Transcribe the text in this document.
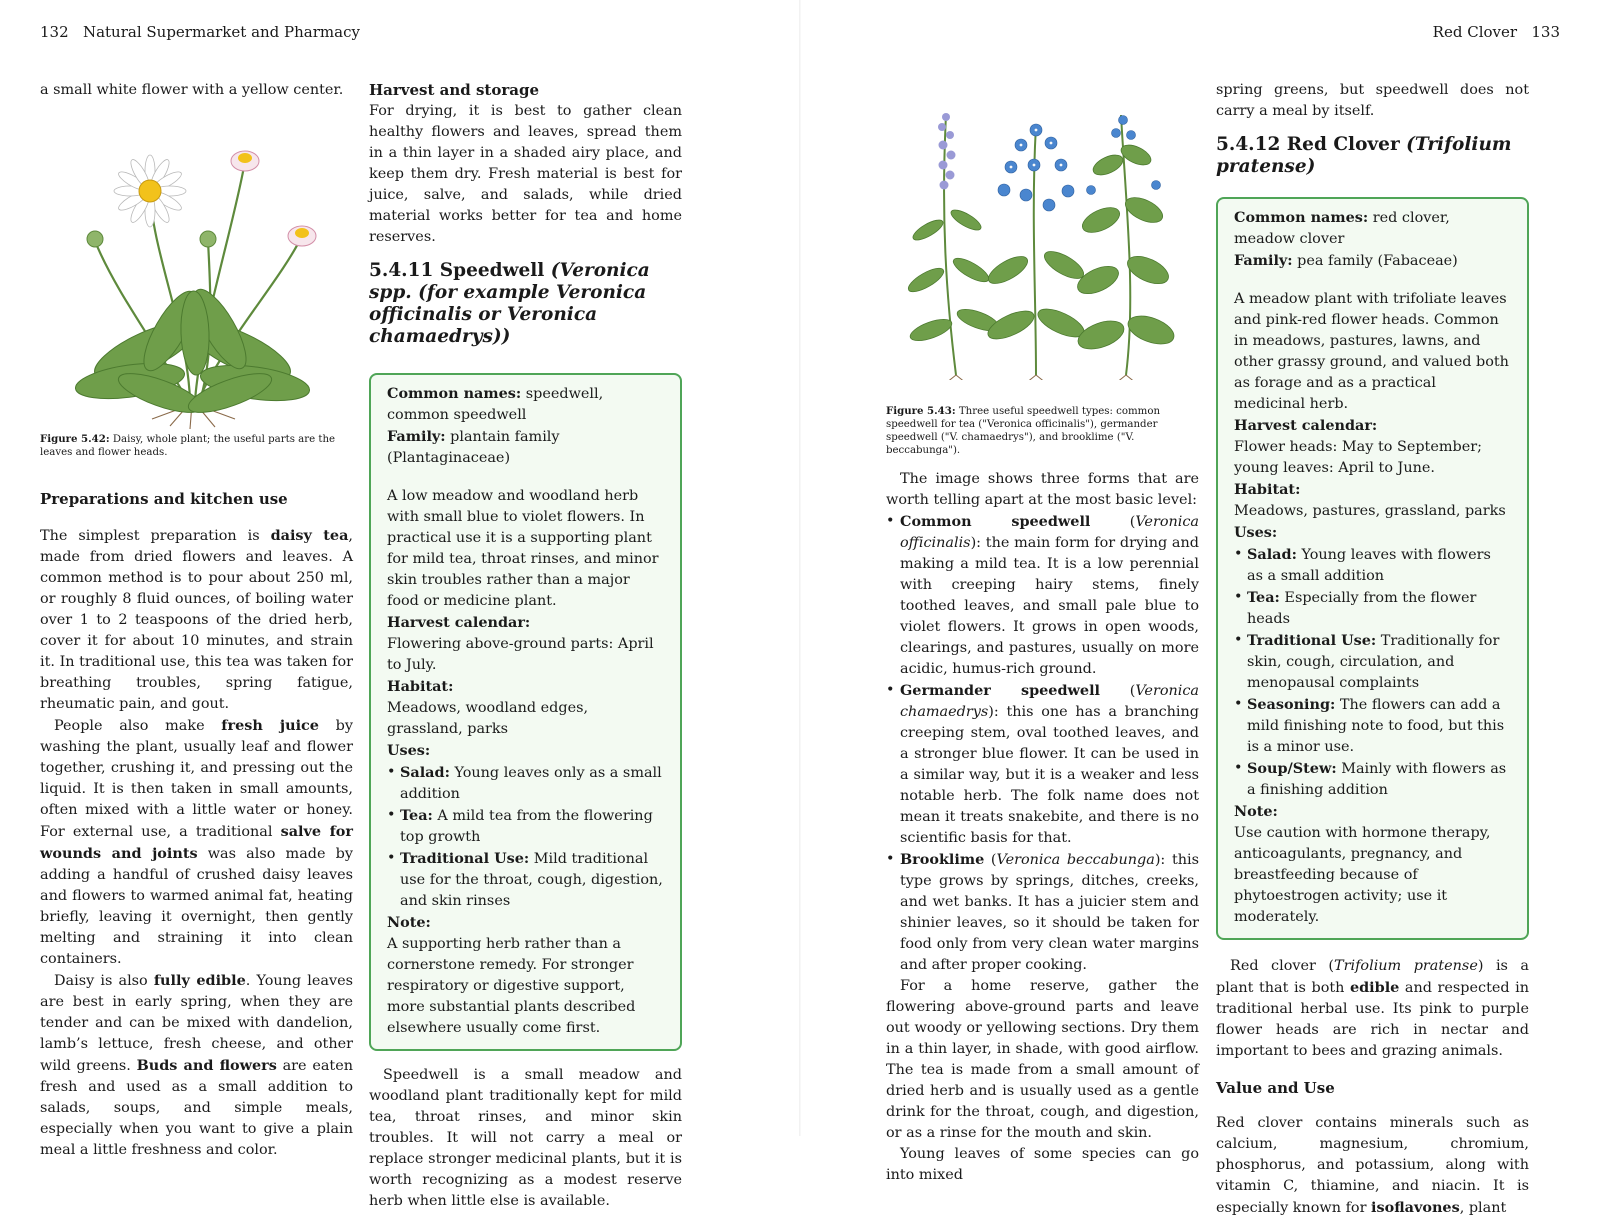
132 Natural Supermarket and Pharmacy

a small white flower with a yellow center.

Figure 5.42: Daisy, whole plant; the useful parts are the leaves and flower heads.

Preparations and kitchen use

The simplest preparation is daisy tea, made from dried flowers and leaves. A common method is to pour about 250 ml, or roughly 8 fluid ounces, of boiling water over 1 to 2 teaspoons of the dried herb, cover it for about 10 minutes, and strain it. In traditional use, this tea was taken for breathing troubles, spring fatigue, rheumatic pain, and gout.

People also make fresh juice by washing the plant, usually leaf and flower together, crushing it, and pressing out the liquid. It is then taken in small amounts, often mixed with a little water or honey. For external use, a traditional salve for wounds and joints was also made by adding a handful of crushed daisy leaves and flowers to warmed animal fat, heating briefly, leaving it overnight, then gently melting and straining it into clean containers.

Daisy is also fully edible. Young leaves are best in early spring, when they are tender and can be mixed with dandelion, lamb’s lettuce, fresh cheese, and other wild greens. Buds and flowers are eaten fresh and used as a small addition to salads, soups, and simple meals, especially when you want to give a plain meal a little freshness and color.

Harvest and storage

For drying, it is best to gather clean healthy flowers and leaves, spread them in a thin layer in a shaded airy place, and keep them dry. Fresh material is best for juice, salve, and salads, while dried material works better for tea and home reserves.

5.4.11 Speedwell (Veronica spp. (for example Veronica officinalis or Veronica chamaedrys))

Common names: speedwell, common speedwell

Family: plantain family (Plantaginaceae)

A low meadow and woodland herb with small blue to violet flowers. In practical use it is a supporting plant for mild tea, throat rinses, and minor skin troubles rather than a major food or medicine plant.

Harvest calendar:

Flowering above-ground parts: April to July.

Habitat:

Meadows, woodland edges, grassland, parks

Uses:

• Salad: Young leaves only as a small addition
• Tea: A mild tea from the flowering top growth
• Traditional Use: Mild traditional use for the throat, cough, digestion, and skin rinses

Note:

A supporting herb rather than a cornerstone remedy. For stronger respiratory or digestive support, more substantial plants described elsewhere usually come first.

Speedwell is a small meadow and woodland plant traditionally kept for mild tea, throat rinses, and minor skin troubles. It will not carry a meal or replace stronger medicinal plants, but it is worth recognizing as a modest reserve herb when little else is available.

Red Clover 133

Figure 5.43: Three useful speedwell types: common speedwell for tea ("Veronica officinalis"), germander speedwell ("V. chamaedrys"), and brooklime ("V. beccabunga").

The image shows three forms that are worth telling apart at the most basic level:

• Common speedwell (Veronica officinalis): the main form for drying and making a mild tea. It is a low perennial with creeping hairy stems, finely toothed leaves, and small pale blue to violet flowers. It grows in open woods, clearings, and pastures, usually on more acidic, humus-rich ground.
• Germander speedwell (Veronica chamaedrys): this one has a branching creeping stem, oval toothed leaves, and a stronger blue flower. It can be used in a similar way, but it is a weaker and less notable herb. The folk name does not mean it treats snakebite, and there is no scientific basis for that.
• Brooklime (Veronica beccabunga): this type grows by springs, ditches, creeks, and wet banks. It has a juicier stem and shinier leaves, so it should be taken for food only from very clean water margins and after proper cooking.

For a home reserve, gather the flowering above-ground parts and leave out woody or yellowing sections. Dry them in a thin layer, in shade, with good airflow. The tea is made from a small amount of dried herb and is usually used as a gentle drink for the throat, cough, and digestion, or as a rinse for the mouth and skin.

Young leaves of some species can go into mixed

spring greens, but speedwell does not carry a meal by itself.

5.4.12 Red Clover (Trifolium pratense)

Common names: red clover, meadow clover

Family: pea family (Fabaceae)

A meadow plant with trifoliate leaves and pink-red flower heads. Common in meadows, pastures, lawns, and other grassy ground, and valued both as forage and as a practical medicinal herb.

Harvest calendar:

Flower heads: May to September; young leaves: April to June.

Habitat:

Meadows, pastures, grassland, parks

Uses:

• Salad: Young leaves with flowers as a small addition
• Tea: Especially from the flower heads
• Traditional Use: Traditionally for skin, cough, circulation, and menopausal complaints
• Seasoning: The flowers can add a mild finishing note to food, but this is a minor use.
• Soup/Stew: Mainly with flowers as a finishing addition

Note:

Use caution with hormone therapy, anticoagulants, pregnancy, and breastfeeding because of phytoestrogen activity; use it moderately.

Red clover (Trifolium pratense) is a plant that is both edible and respected in traditional herbal use. Its pink to purple flower heads are rich in nectar and important to bees and grazing animals.

Value and Use

Red clover contains minerals such as calcium, magnesium, chromium, phosphorus, and potassium, along with vitamin C, thiamine, and niacin. It is especially known for isoflavones, plant
